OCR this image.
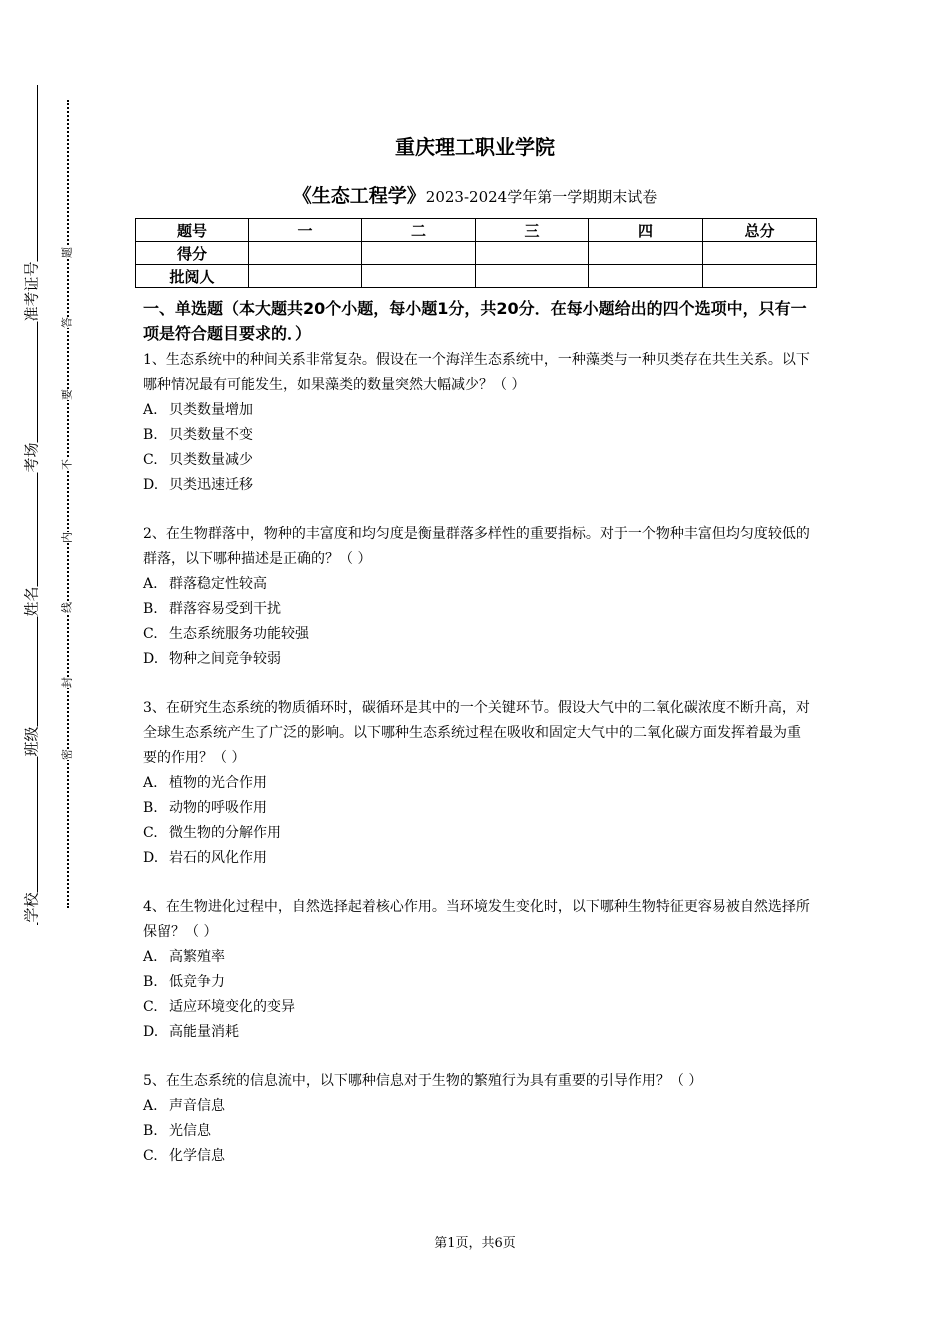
准考证号
考场
姓名
班级
学校
题
答
要
不
内
线
封
密
重庆理工职业学院
《生态工程学》2023-2024学年第一学期期末试卷
题号	一	二	三	四	总分
得分					
批阅人					

一、单选题（本大题共20个小题，每小题1分，共20分．在每小题给出的四个选项中，只有一项是符合题目要求的．）

1、生态系统中的种间关系非常复杂。假设在一个海洋生态系统中，一种藻类与一种贝类存在共生关系。以下哪种情况最有可能发生，如果藻类的数量突然大幅减少？（ ）
A. 贝类数量增加
B. 贝类数量不变
C. 贝类数量减少
D. 贝类迅速迁移
2、在生物群落中，物种的丰富度和均匀度是衡量群落多样性的重要指标。对于一个物种丰富但均匀度较低的群落，以下哪种描述是正确的？（ ）
A. 群落稳定性较高
B. 群落容易受到干扰
C. 生态系统服务功能较强
D. 物种之间竞争较弱
3、在研究生态系统的物质循环时，碳循环是其中的一个关键环节。假设大气中的二氧化碳浓度不断升高，对全球生态系统产生了广泛的影响。以下哪种生态系统过程在吸收和固定大气中的二氧化碳方面发挥着最为重要的作用？（ ）
A. 植物的光合作用
B. 动物的呼吸作用
C. 微生物的分解作用
D. 岩石的风化作用
4、在生物进化过程中，自然选择起着核心作用。当环境发生变化时，以下哪种生物特征更容易被自然选择所保留？（ ）
A. 高繁殖率
B. 低竞争力
C. 适应环境变化的变异
D. 高能量消耗
5、在生态系统的信息流中，以下哪种信息对于生物的繁殖行为具有重要的引导作用？（ ）
A. 声音信息
B. 光信息
C. 化学信息
第1页，共6页
